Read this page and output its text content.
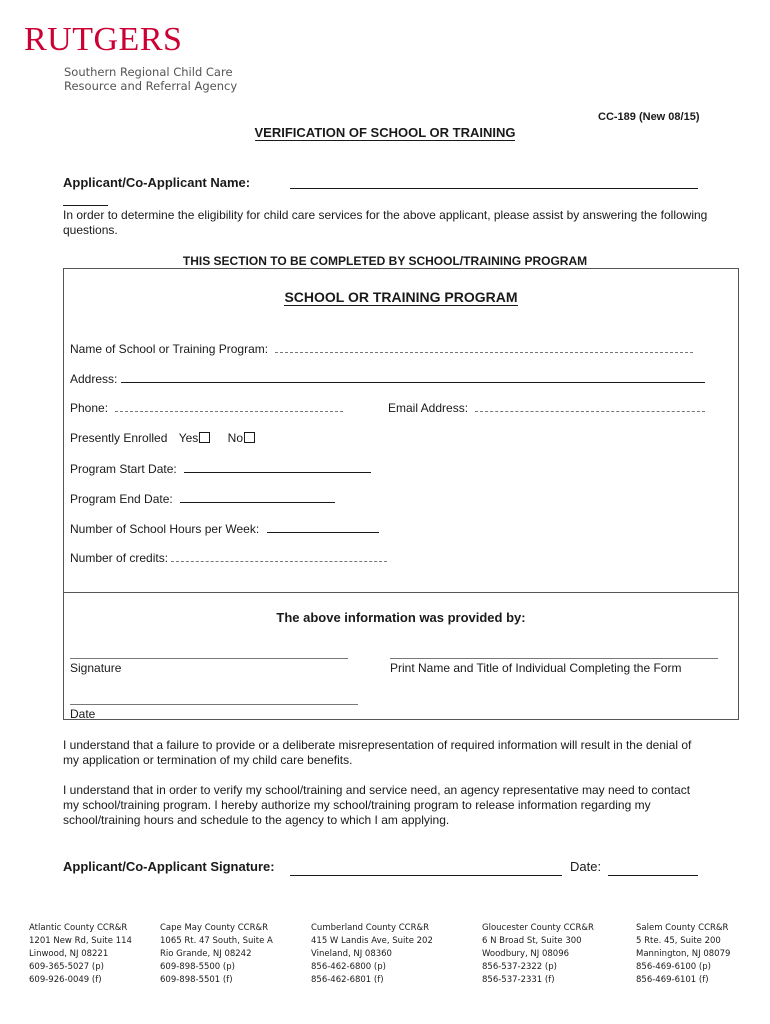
RUTGERS
Southern Regional Child Care
Resource and Referral Agency
CC-189 (New 08/15)
VERIFICATION OF SCHOOL OR TRAINING
Applicant/Co-Applicant Name:
In order to determine the eligibility for child care services for the above applicant, please assist by answering the following questions.
THIS SECTION TO BE COMPLETED BY SCHOOL/TRAINING PROGRAM
SCHOOL OR TRAINING PROGRAM
Name of School or Training Program:
Address:
Phone:	Email Address:
Presently Enrolled Yes No
Program Start Date:
Program End Date:
Number of School Hours per Week:
Number of credits:
The above information was provided by:
Signature	Print Name and Title of Individual Completing the Form
Date
I understand that a failure to provide or a deliberate misrepresentation of required information will result in the denial of my application or termination of my child care benefits.
I understand that in order to verify my school/training and service need, an agency representative may need to contact my school/training program. I hereby authorize my school/training program to release information regarding my school/training hours and schedule to the agency to which I am applying.
Applicant/Co-Applicant Signature:	Date:
Atlantic County CCR&R
1201 New Rd, Suite 114
Linwood, NJ 08221
609-365-5027 (p)
609-926-0049 (f)
Cape May County CCR&R
1065 Rt. 47 South, Suite A
Rio Grande, NJ 08242
609-898-5500 (p)
609-898-5501 (f)
Cumberland County CCR&R
415 W Landis Ave, Suite 202
Vineland, NJ 08360
856-462-6800 (p)
856-462-6801 (f)
Gloucester County CCR&R
6 N Broad St, Suite 300
Woodbury, NJ 08096
856-537-2322 (p)
856-537-2331 (f)
Salem County CCR&R
5 Rte. 45, Suite 200
Mannington, NJ 08079
856-469-6100 (p)
856-469-6101 (f)
